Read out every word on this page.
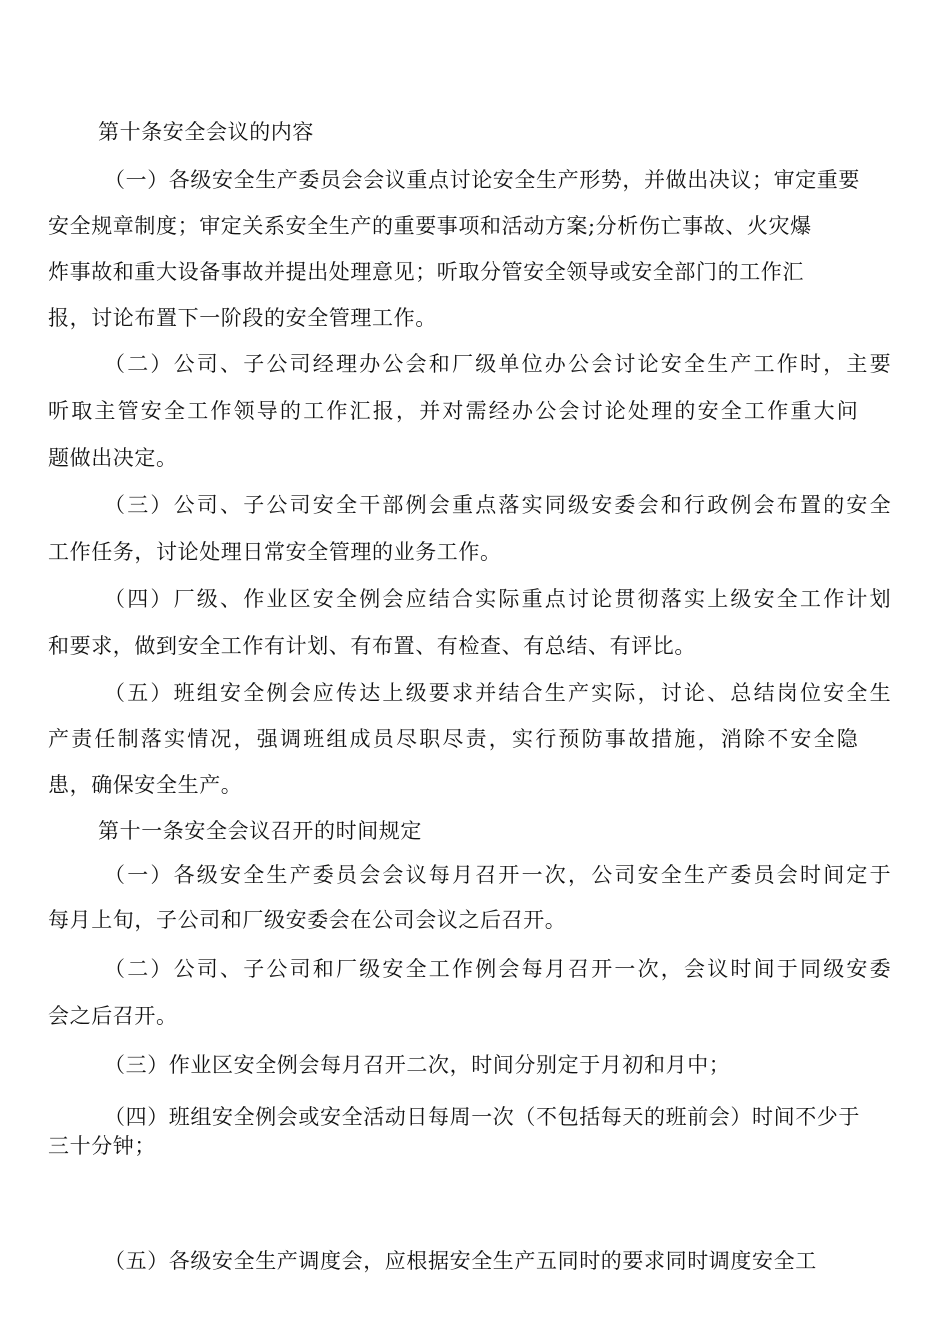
第十条安全会议的内容
（一）各级安全生产委员会会议重点讨论安全生产形势，并做出决议；审定重要
安全规章制度；审定关系安全生产的重要事项和活动方案;分析伤亡事故、火灾爆
炸事故和重大设备事故并提出处理意见；听取分管安全领导或安全部门的工作汇
报，讨论布置下一阶段的安全管理工作。
（二）公司、子公司经理办公会和厂级单位办公会讨论安全生产工作时，主要
听取主管安全工作领导的工作汇报，并对需经办公会讨论处理的安全工作重大问
题做出决定。
（三）公司、子公司安全干部例会重点落实同级安委会和行政例会布置的安全
工作任务，讨论处理日常安全管理的业务工作。
（四）厂级、作业区安全例会应结合实际重点讨论贯彻落实上级安全工作计划
和要求，做到安全工作有计划、有布置、有检查、有总结、有评比。
（五）班组安全例会应传达上级要求并结合生产实际，讨论、总结岗位安全生
产责任制落实情况，强调班组成员尽职尽责，实行预防事故措施，消除不安全隐
患，确保安全生产。
第十一条安全会议召开的时间规定
（一）各级安全生产委员会会议每月召开一次，公司安全生产委员会时间定于
每月上旬，子公司和厂级安委会在公司会议之后召开。
（二）公司、子公司和厂级安全工作例会每月召开一次，会议时间于同级安委
会之后召开。
（三）作业区安全例会每月召开二次，时间分别定于月初和月中；
（四）班组安全例会或安全活动日每周一次（不包括每天的班前会）时间不少于
三十分钟；
（五）各级安全生产调度会，应根据安全生产五同时的要求同时调度安全工
